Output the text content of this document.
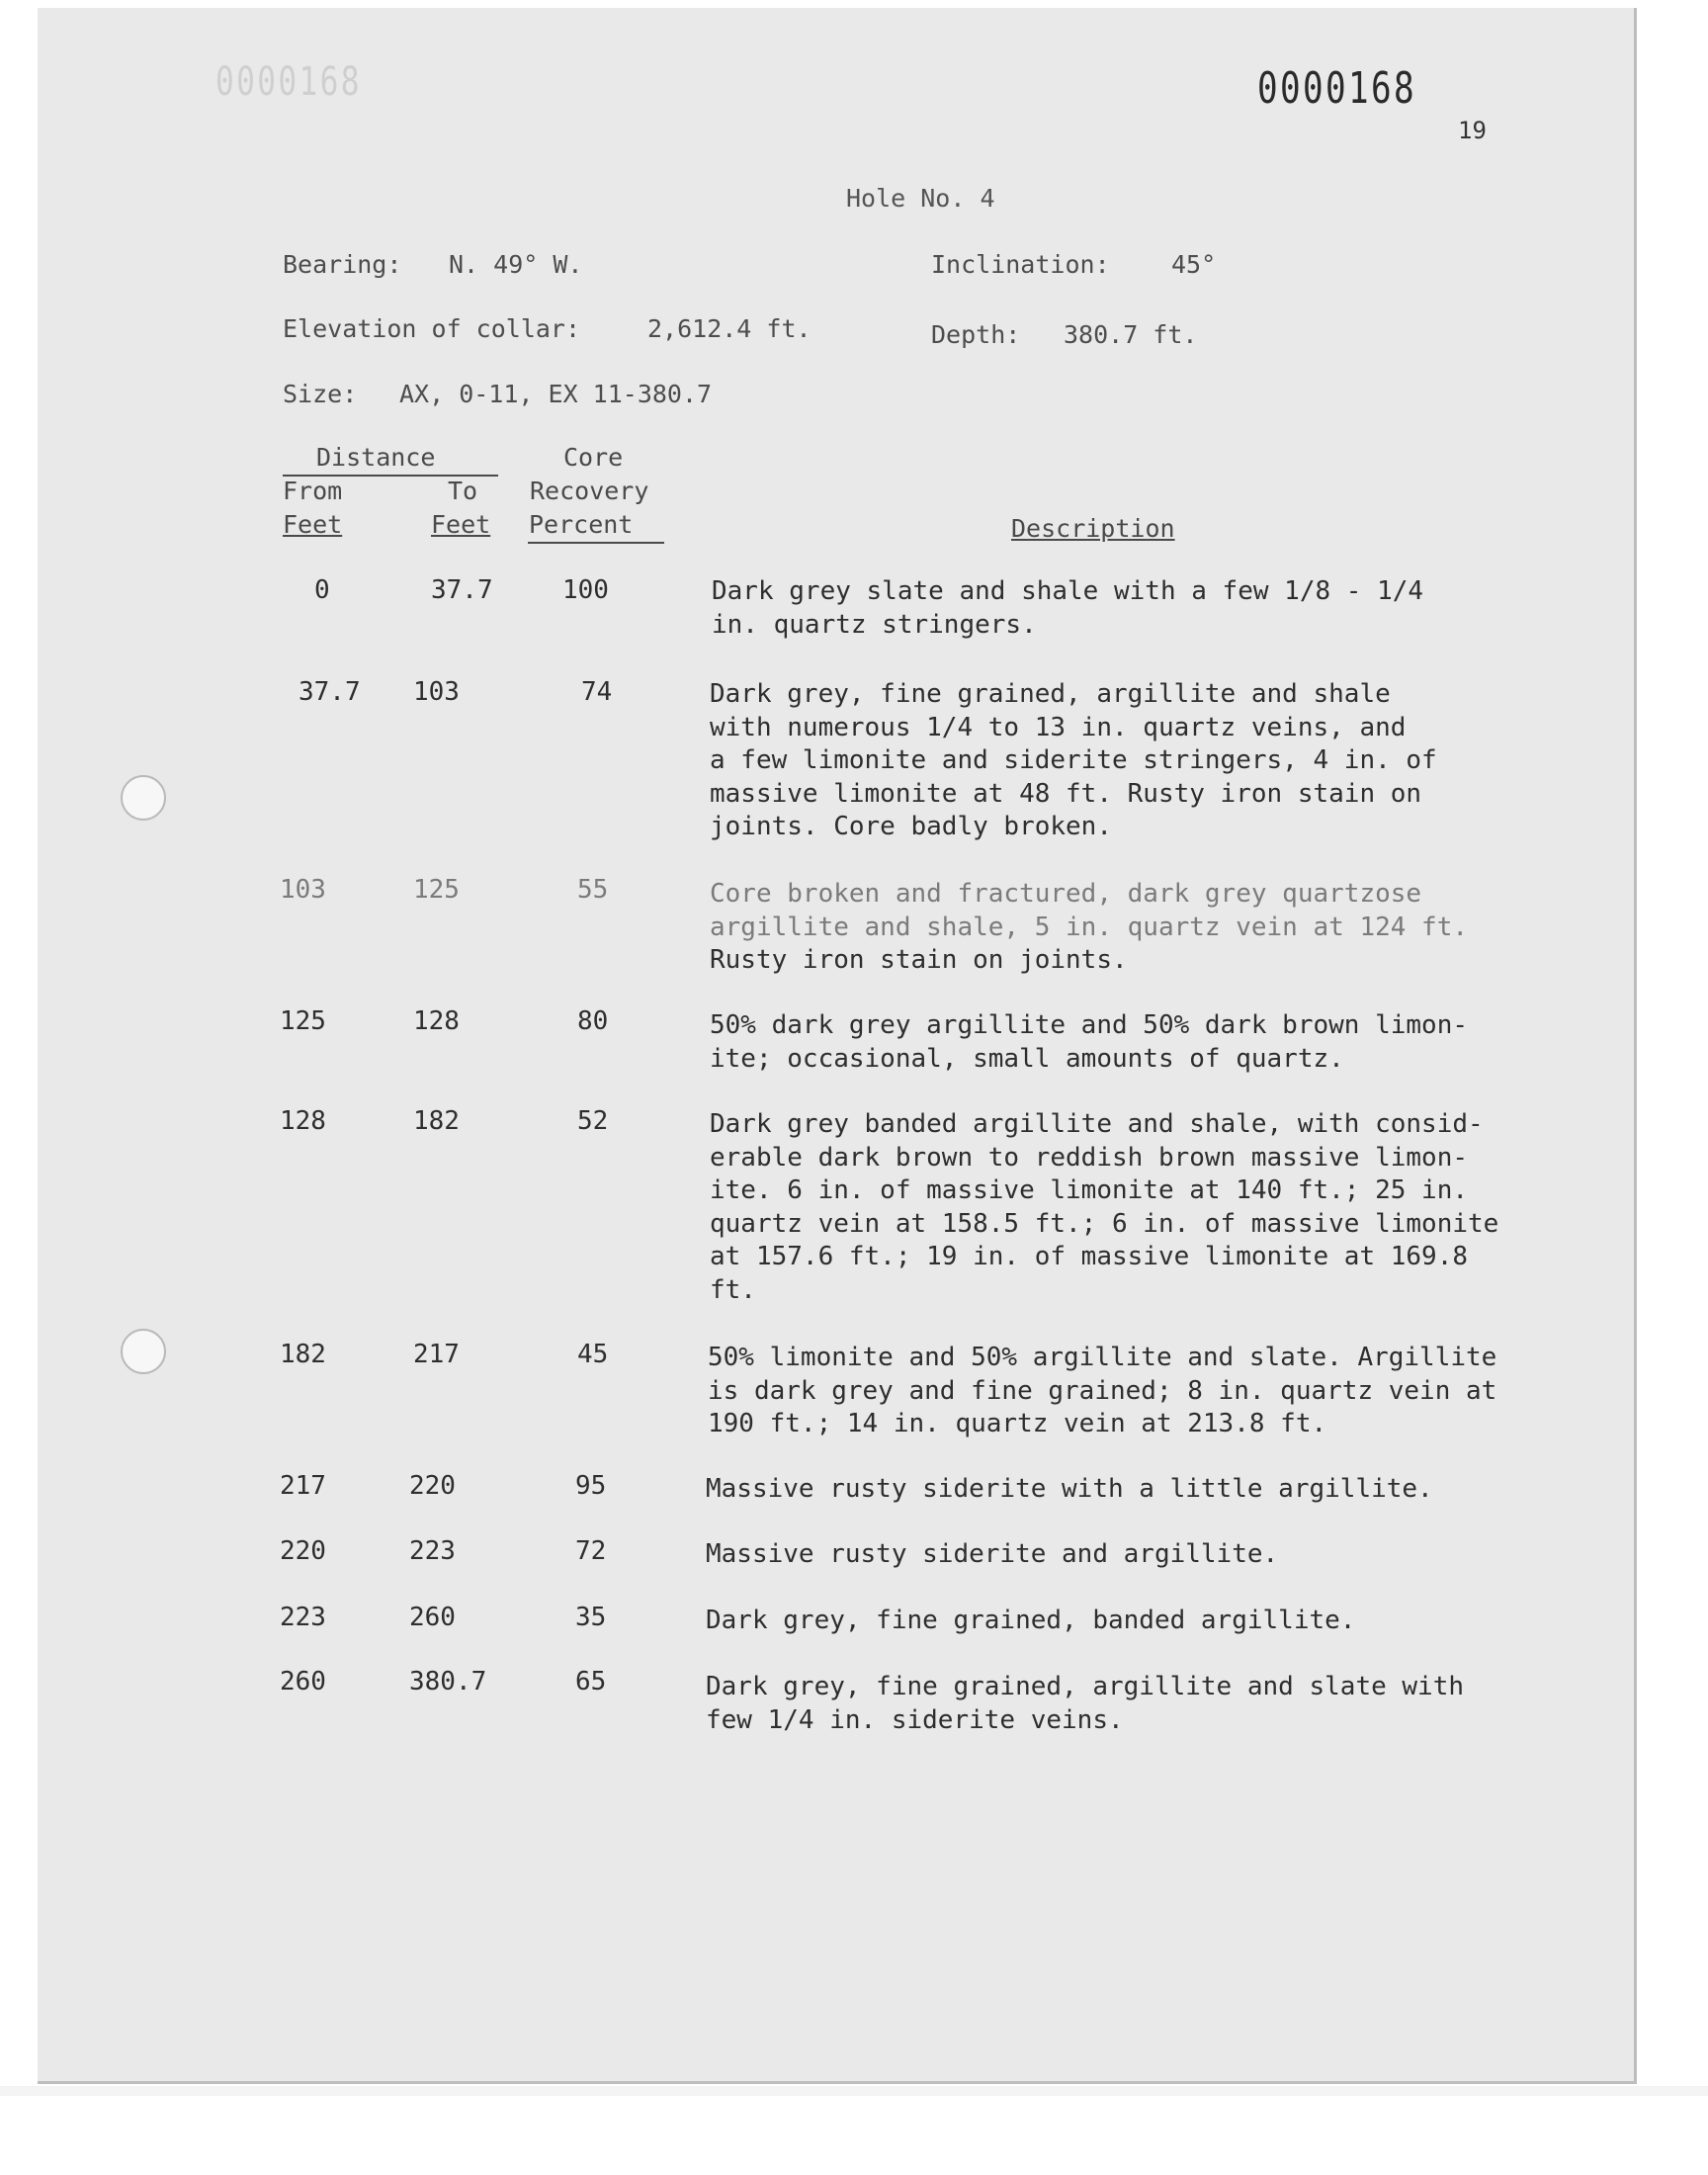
0000168	0000168
19
Hole No. 4
Bearing: N. 49° W.	Inclination: 45°
Elevation of collar:	2,612.4 ft.	Depth: 380.7 ft.
Size: AX, 0-11, EX 11-380.7
Distance	Core
From	To Recovery
Feet	Feet Percent	Description
0	37.7	100	Dark grey slate and shale with a few 1/8 - 1/4
in. quartz stringers.
37.7 103	74	Dark grey, fine grained, argillite and shale
with numerous 1/4 to 13 in. quartz veins, and
a few limonite and siderite stringers, 4 in. of
massive limonite at 48 ft. Rusty iron stain on
joints. Core badly broken.
103	125	55	Core broken and fractured, dark grey quartzose
argillite and shale, 5 in. quartz vein at 124 ft.
Rusty iron stain on joints.
125	128	80	50% dark grey argillite and 50% dark brown limon-
ite; occasional, small amounts of quartz.
128	182	52	Dark grey banded argillite and shale, with consid-
erable dark brown to reddish brown massive limon-
ite. 6 in. of massive limonite at 140 ft.; 25 in.
quartz vein at 158.5 ft.; 6 in. of massive limonite
at 157.6 ft.; 19 in. of massive limonite at 169.8
ft.
182	217	45	50% limonite and 50% argillite and slate. Argillite
is dark grey and fine grained; 8 in. quartz vein at
190 ft.; 14 in. quartz vein at 213.8 ft.
217	220	95	Massive rusty siderite with a little argillite.
220	223	72	Massive rusty siderite and argillite.
223	260	35	Dark grey, fine grained, banded argillite.
260	380.7	65	Dark grey, fine grained, argillite and slate with
few 1/4 in. siderite veins.
